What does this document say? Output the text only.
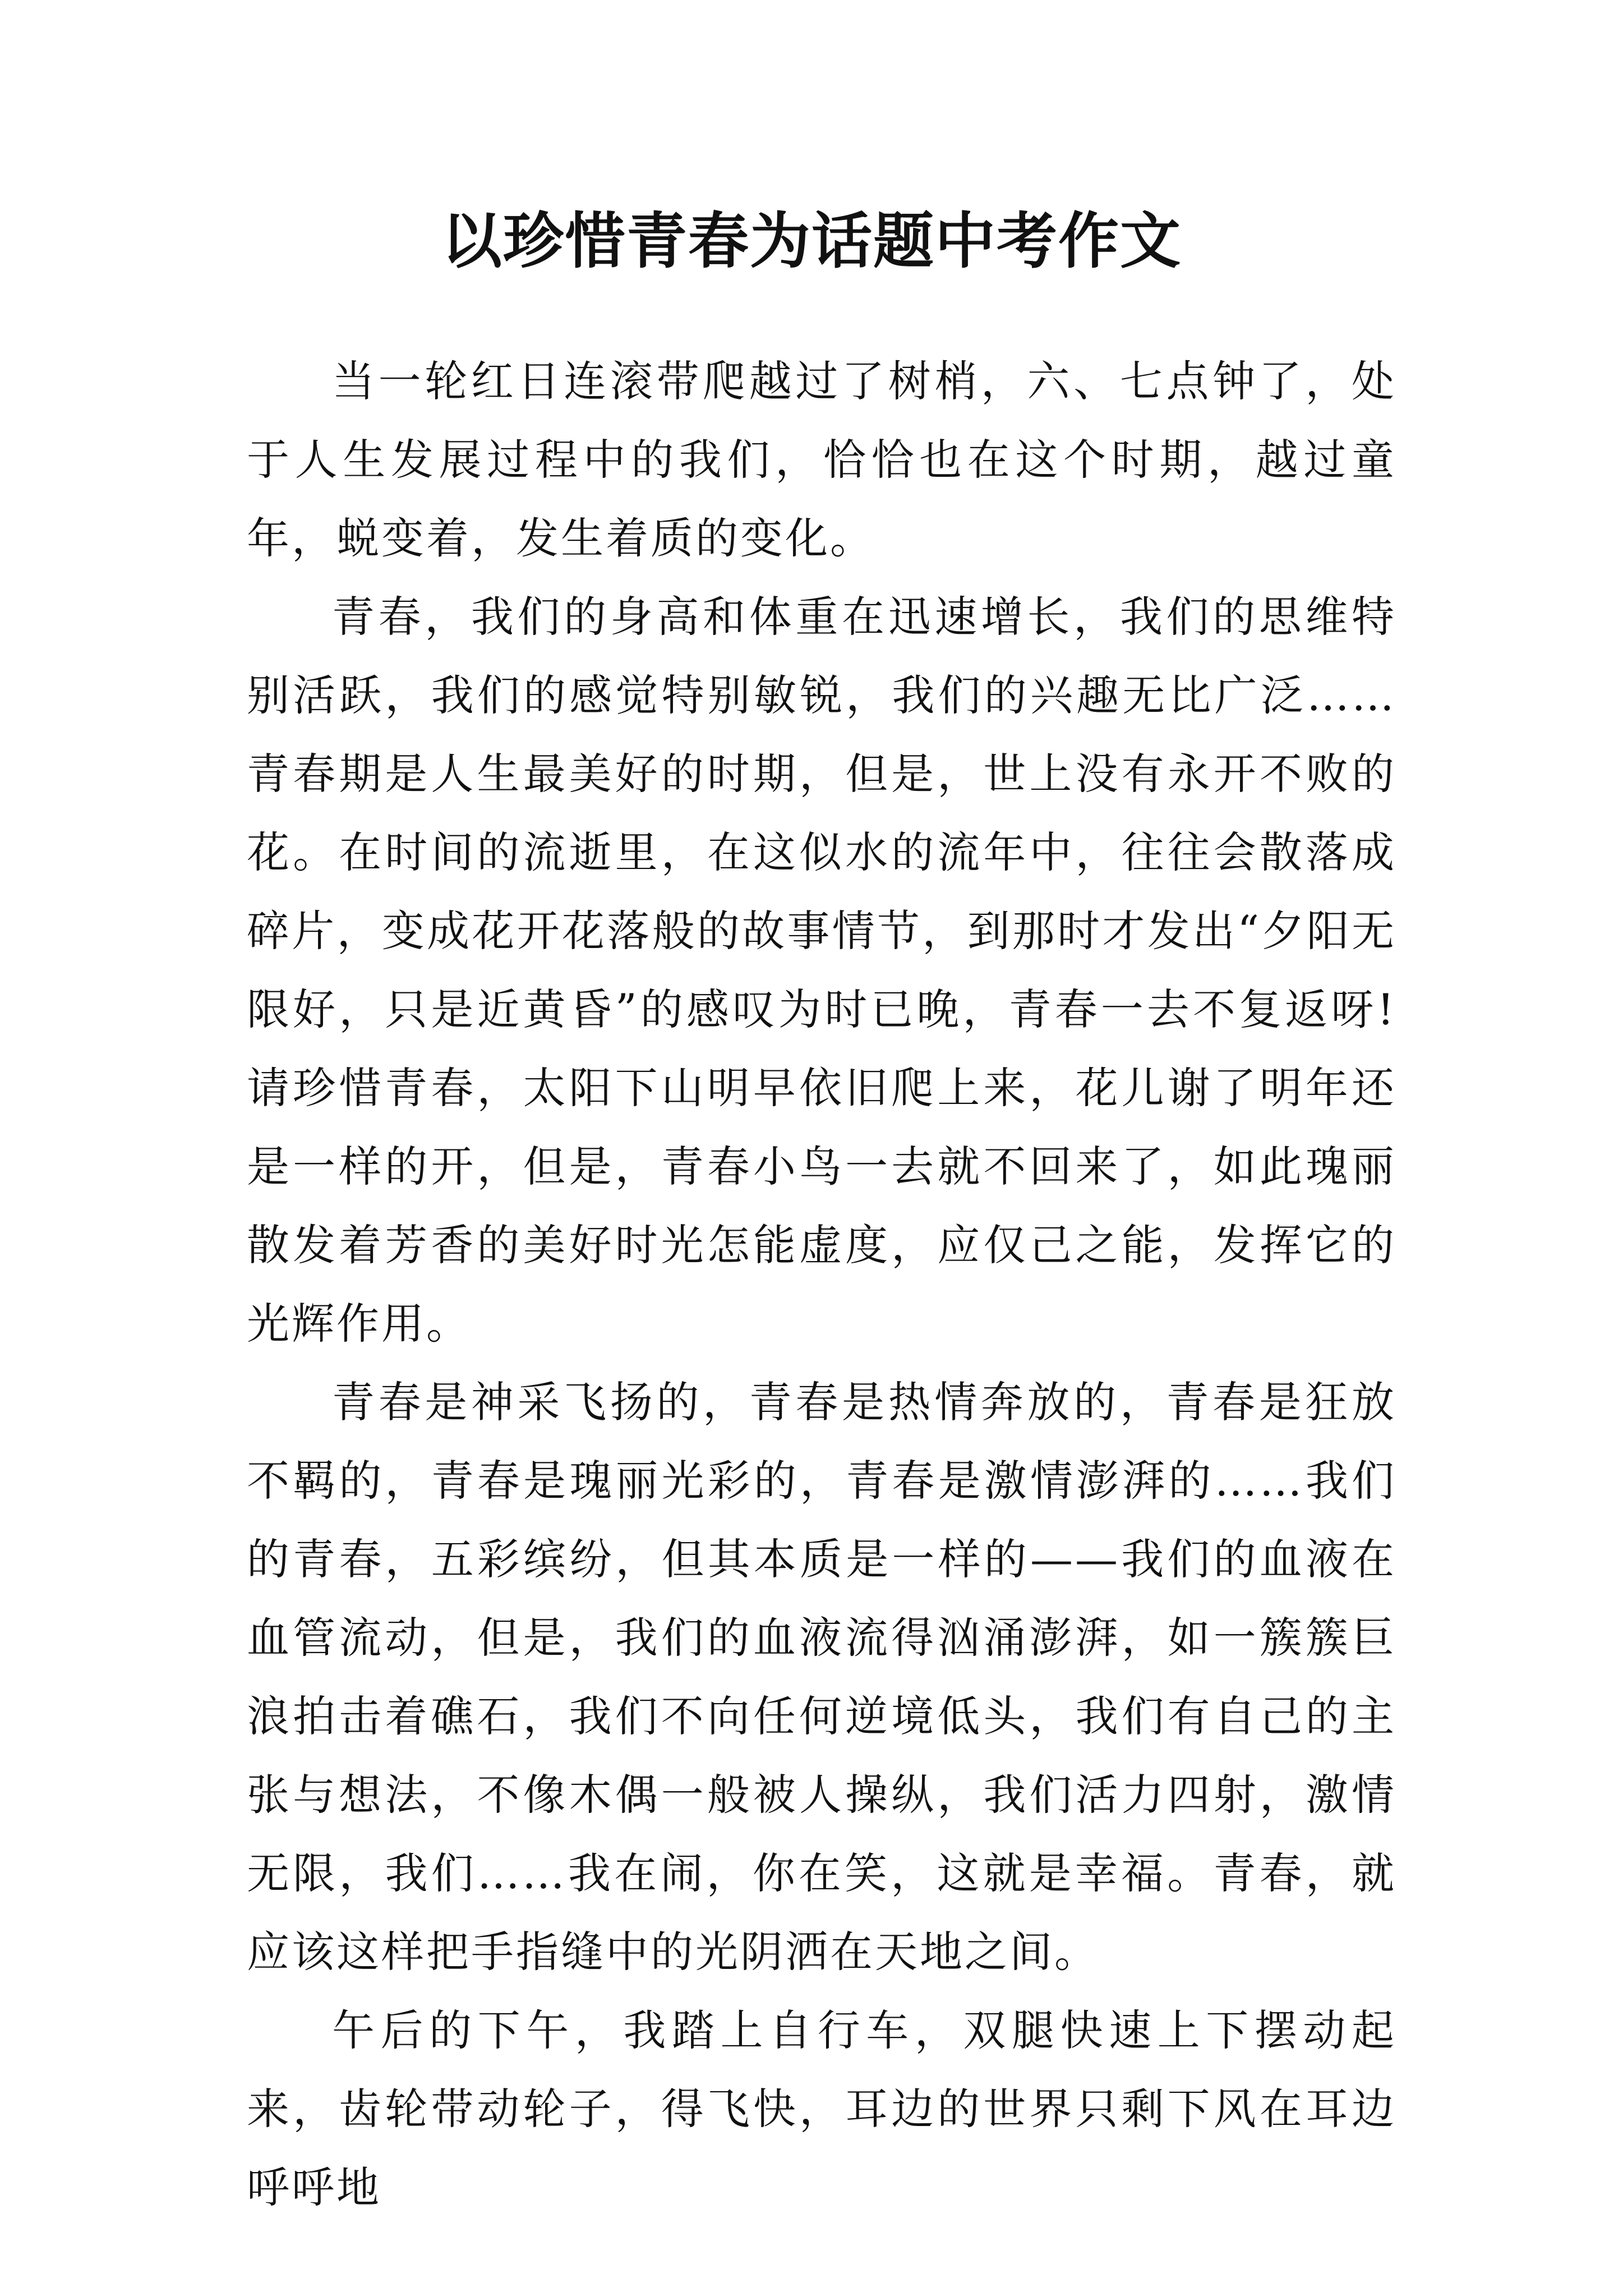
以珍惜青春为话题中考作文

当一轮红日连滚带爬越过了树梢，六、七点钟了，处于人生发展过程中的我们，恰恰也在这个时期，越过童年，蜕变着，发生着质的变化。

青春，我们的身高和体重在迅速增长，我们的思维特别活跃，我们的感觉特别敏锐，我们的兴趣无比广泛……青春期是人生最美好的时期，但是，世上没有永开不败的花。在时间的流逝里，在这似水的流年中，往往会散落成碎片，变成花开花落般的故事情节，到那时才发出“夕阳无限好，只是近黄昏”的感叹为时已晚，青春一去不复返呀!请珍惜青春，太阳下山明早依旧爬上来，花儿谢了明年还是一样的开，但是，青春小鸟一去就不回来了，如此瑰丽散发着芳香的美好时光怎能虚度，应仅己之能，发挥它的光辉作用。

青春是神采飞扬的，青春是热情奔放的，青春是狂放不羁的，青春是瑰丽光彩的，青春是激情澎湃的……我们的青春，五彩缤纷，但其本质是一样的——我们的血液在血管流动，但是，我们的血液流得汹涌澎湃，如一簇簇巨浪拍击着礁石，我们不向任何逆境低头，我们有自己的主张与想法，不像木偶一般被人操纵，我们活力四射，激情无限，我们……我在闹，你在笑，这就是幸福。青春，就应该这样把手指缝中的光阴洒在天地之间。

午后的下午，我踏上自行车，双腿快速上下摆动起来，齿轮带动轮子，得飞快，耳边的世界只剩下风在耳边呼呼地
